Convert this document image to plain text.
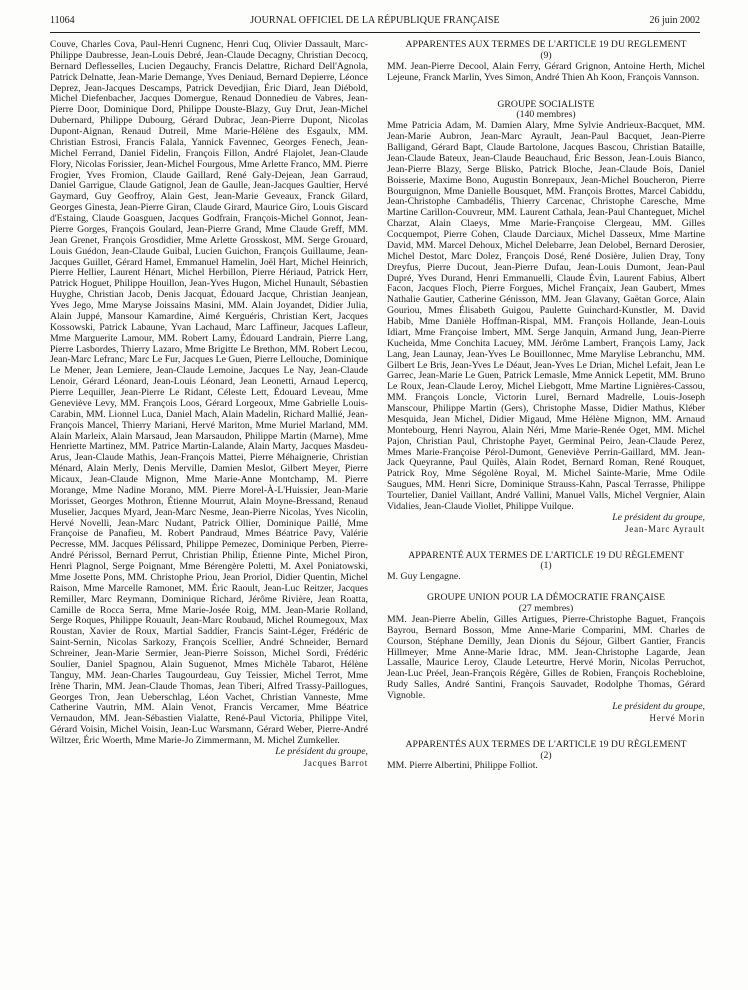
11064	JOURNAL OFFICIEL DE LA RÉPUBLIQUE FRANÇAISE	26 juin 2002

Couve, Charles Cova, Paul-Henri Cugnenc, Henri Cuq, Olivier Dassault, Marc-Philippe Daubresse, Jean-Louis Debré, Jean-Claude Decagny, Christian Decocq, Bernard Deflesselles, Lucien Degauchy, Francis Delattre, Richard Dell'Agnola, Patrick Delnatte, Jean-Marie Demange, Yves Deniaud, Bernard Depierre, Léonce Deprez, Jean-Jacques Descamps, Patrick Devedjian, Éric Diard, Jean Diébold, Michel Diefenbacher, Jacques Domergue, Renaud Donnedieu de Vabres, Jean-Pierre Door, Dominique Dord, Philippe Douste-Blazy, Guy Drut, Jean-Michel Dubernard, Philippe Dubourg, Gérard Dubrac, Jean-Pierre Dupont, Nicolas Dupont-Aignan, Renaud Dutreil, Mme Marie-Hélène des Esgaulx, MM. Christian Estrosi, Francis Falala, Yannick Favennec, Georges Fenech, Jean-Michel Ferrand, Daniel Fidelin, François Fillon, André Flajolet, Jean-Claude Flory, Nicolas Forissier, Jean-Michel Fourgous, Mme Arlette Franco, MM. Pierre Frogier, Yves Fromion, Claude Gaillard, René Galy-Dejean, Jean Garraud, Daniel Garrigue, Claude Gatignol, Jean de Gaulle, Jean-Jacques Gaultier, Hervé Gaymard, Guy Geoffroy, Alain Gest, Jean-Marie Geveaux, Franck Gilard, Georges Ginesta, Jean-Pierre Giran, Claude Girard, Maurice Giro, Louis Giscard d'Estaing, Claude Goasguen, Jacques Godfrain, François-Michel Gonnot, Jean-Pierre Gorges, François Goulard, Jean-Pierre Grand, Mme Claude Greff, MM. Jean Grenet, François Grosdidier, Mme Arlette Grosskost, MM. Serge Grouard, Louis Guédon, Jean-Claude Guibal, Lucien Guichon, François Guillaume, Jean-Jacques Guillet, Gérard Hamel, Emmanuel Hamelin, Joël Hart, Michel Heinrich, Pierre Hellier, Laurent Hénart, Michel Herbillon, Pierre Hériaud, Patrick Herr, Patrick Hoguet, Philippe Houillon, Jean-Yves Hugon, Michel Hunault, Sébastien Huyghe, Christian Jacob, Denis Jacquat, Édouard Jacque, Christian Jeanjean, Yves Jego, Mme Maryse Joissains Masini, MM. Alain Joyandet, Didier Julia, Alain Juppé, Mansour Kamardine, Aimé Kerguéris, Christian Kert, Jacques Kossowski, Patrick Labaune, Yvan Lachaud, Marc Laffineur, Jacques Lafleur, Mme Marguerite Lamour, MM. Robert Lamy, Édouard Landrain, Pierre Lang, Pierre Lasbordes, Thierry Lazaro, Mme Brigitte Le Brethon, MM. Robert Lecou, Jean-Marc Lefranc, Marc Le Fur, Jacques Le Guen, Pierre Lellouche, Dominique Le Mener, Jean Lemiere, Jean-Claude Lemoine, Jacques Le Nay, Jean-Claude Lenoir, Gérard Léonard, Jean-Louis Léonard, Jean Leonetti, Arnaud Lepercq, Pierre Lequiller, Jean-Pierre Le Ridant, Céleste Lett, Édouard Leveau, Mme Geneviève Levy, MM. François Loos, Gérard Lorgeoux, Mme Gabrielle Louis-Carabin, MM. Lionnel Luca, Daniel Mach, Alain Madelin, Richard Mallié, Jean-François Mancel, Thierry Mariani, Hervé Mariton, Mme Muriel Marland, MM. Alain Marleix, Alain Marsaud, Jean Marsaudon, Philippe Martin (Marne), Mme Henriette Martinez, MM. Patrice Martin-Lalande, Alain Marty, Jacques Masdeu-Arus, Jean-Claude Mathis, Jean-François Mattei, Pierre Méhaignerie, Christian Ménard, Alain Merly, Denis Merville, Damien Meslot, Gilbert Meyer, Pierre Micaux, Jean-Claude Mignon, Mme Marie-Anne Montchamp, M. Pierre Morange, Mme Nadine Morano, MM. Pierre Morel-À-L'Huissier, Jean-Marie Morisset, Georges Mothron, Étienne Mourrut, Alain Moyne-Bressand, Renaud Muselier, Jacques Myard, Jean-Marc Nesme, Jean-Pierre Nicolas, Yves Nicolin, Hervé Novelli, Jean-Marc Nudant, Patrick Ollier, Dominique Paillé, Mme Françoise de Panafieu, M. Robert Pandraud, Mmes Béatrice Pavy, Valérie Pecresse, MM. Jacques Pélissard, Philippe Pemezec, Dominique Perben, Pierre-André Périssol, Bernard Perrut, Christian Philip, Étienne Pinte, Michel Piron, Henri Plagnol, Serge Poignant, Mme Bérengère Poletti, M. Axel Poniatowski, Mme Josette Pons, MM. Christophe Priou, Jean Proriol, Didier Quentin, Michel Raison, Mme Marcelle Ramonet, MM. Éric Raoult, Jean-Luc Reitzer, Jacques Remiller, Marc Reymann, Dominique Richard, Jérôme Rivière, Jean Roatta, Camille de Rocca Serra, Mme Marie-Josée Roig, MM. Jean-Marie Rolland, Serge Roques, Philippe Rouault, Jean-Marc Roubaud, Michel Roumegoux, Max Roustan, Xavier de Roux, Martial Saddier, Francis Saint-Léger, Frédéric de Saint-Sernin, Nicolas Sarkozy, François Scellier, André Schneider, Bernard Schreiner, Jean-Marie Sermier, Jean-Pierre Soisson, Michel Sordi, Frédéric Soulier, Daniel Spagnou, Alain Suguenot, Mmes Michèle Tabarot, Hélène Tanguy, MM. Jean-Charles Taugourdeau, Guy Teissier, Michel Terrot, Mme Irène Tharin, MM. Jean-Claude Thomas, Jean Tiberi, Alfred Trassy-Paillogues, Georges Tron, Jean Ueberschlag, Léon Vachet, Christian Vanneste, Mme Catherine Vautrin, MM. Alain Venot, Francis Vercamer, Mme Béatrice Vernaudon, MM. Jean-Sébastien Vialatte, René-Paul Victoria, Philippe Vitel, Gérard Voisin, Michel Voisin, Jean-Luc Warsmann, Gérard Weber, Pierre-André Wiltzer, Éric Woerth, Mme Marie-Jo Zimmermann, M. Michel Zumkeller.

Le président du groupe,

Jacques Barrot

APPARENTÉS AUX TERMES DE L'ARTICLE 19 DU RÈGLEMENT

(9)

MM. Jean-Pierre Decool, Alain Ferry, Gérard Grignon, Antoine Herth, Michel Lejeune, Franck Marlin, Yves Simon, André Thien Ah Koon, François Vannson.

GROUPE SOCIALISTE

(140 membres)

Mme Patricia Adam, M. Damien Alary, Mme Sylvie Andrieux-Bacquet, MM. Jean-Marie Aubron, Jean-Marc Ayrault, Jean-Paul Bacquet, Jean-Pierre Balligand, Gérard Bapt, Claude Bartolone, Jacques Bascou, Christian Bataille, Jean-Claude Bateux, Jean-Claude Beauchaud, Éric Besson, Jean-Louis Bianco, Jean-Pierre Blazy, Serge Blisko, Patrick Bloche, Jean-Claude Bois, Daniel Boisserie, Maxime Bono, Augustin Bonrepaux, Jean-Michel Boucheron, Pierre Bourguignon, Mme Danielle Bousquet, MM. François Brottes, Marcel Cabiddu, Jean-Christophe Cambadélis, Thierry Carcenac, Christophe Caresche, Mme Martine Carillon-Couvreur, MM. Laurent Cathala, Jean-Paul Chanteguet, Michel Charzat, Alain Claeys, Mme Marie-Françoise Clergeau, MM. Gilles Cocquempot, Pierre Cohen, Claude Darciaux, Michel Dasseux, Mme Martine David, MM. Marcel Dehoux, Michel Delebarre, Jean Delobel, Bernard Derosier, Michel Destot, Marc Dolez, François Dosé, René Dosière, Julien Dray, Tony Dreyfus, Pierre Ducout, Jean-Pierre Dufau, Jean-Louis Dumont, Jean-Paul Dupré, Yves Durand, Henri Emmanuelli, Claude Évin, Laurent Fabius, Albert Facon, Jacques Floch, Pierre Forgues, Michel Françaix, Jean Gaubert, Mmes Nathalie Gautier, Catherine Génisson, MM. Jean Glavany, Gaëtan Gorce, Alain Gouriou, Mmes Élisabeth Guigou, Paulette Guinchard-Kunstler, M. David Habib, Mme Danièle Hoffman-Rispal, MM. François Hollande, Jean-Louis Idiart, Mme Françoise Imbert, MM. Serge Janquin, Armand Jung, Jean-Pierre Kucheida, Mme Conchita Lacuey, MM. Jérôme Lambert, François Lamy, Jack Lang, Jean Launay, Jean-Yves Le Bouillonnec, Mme Marylise Lebranchu, MM. Gilbert Le Bris, Jean-Yves Le Déaut, Jean-Yves Le Drian, Michel Lefait, Jean Le Garrec, Jean-Marie Le Guen, Patrick Lemasle, Mme Annick Lepetit, MM. Bruno Le Roux, Jean-Claude Leroy, Michel Liebgott, Mme Martine Lignières-Cassou, MM. François Loncle, Victorin Lurel, Bernard Madrelle, Louis-Joseph Manscour, Philippe Martin (Gers), Christophe Masse, Didier Mathus, Kléber Mesquida, Jean Michel, Didier Migaud, Mme Hélène Mignon, MM. Arnaud Montebourg, Henri Nayrou, Alain Néri, Mme Marie-Renée Oget, MM. Michel Pajon, Christian Paul, Christophe Payet, Germinal Peiro, Jean-Claude Perez, Mmes Marie-Françoise Pérol-Dumont, Geneviève Perrin-Gaillard, MM. Jean-Jack Queyranne, Paul Quilès, Alain Rodet, Bernard Roman, René Rouquet, Patrick Roy, Mme Ségolène Royal, M. Michel Sainte-Marie, Mme Odile Saugues, MM. Henri Sicre, Dominique Strauss-Kahn, Pascal Terrasse, Philippe Tourtelier, Daniel Vaillant, André Vallini, Manuel Valls, Michel Vergnier, Alain Vidalies, Jean-Claude Viollet, Philippe Vuilque.

Le président du groupe,

Jean-Marc Ayrault

APPARENTÉ AUX TERMES DE L'ARTICLE 19 DU RÈGLEMENT

(1)

M. Guy Lengagne.

GROUPE UNION POUR LA DÉMOCRATIE FRANÇAISE

(27 membres)

MM. Jean-Pierre Abelin, Gilles Artigues, Pierre-Christophe Baguet, François Bayrou, Bernard Bosson, Mme Anne-Marie Comparini, MM. Charles de Courson, Stéphane Demilly, Jean Dionis du Séjour, Gilbert Gantier, Francis Hillmeyer, Mme Anne-Marie Idrac, MM. Jean-Christophe Lagarde, Jean Lassalle, Maurice Leroy, Claude Leteurtre, Hervé Morin, Nicolas Perruchot, Jean-Luc Préel, Jean-François Régère, Gilles de Robien, François Rochebloine, Rudy Salles, André Santini, François Sauvadet, Rodolphe Thomas, Gérard Vignoble.

Le président du groupe,

Hervé Morin

APPARENTÉS AUX TERMES DE L'ARTICLE 19 DU RÈGLEMENT

(2)

MM. Pierre Albertini, Philippe Folliot.
